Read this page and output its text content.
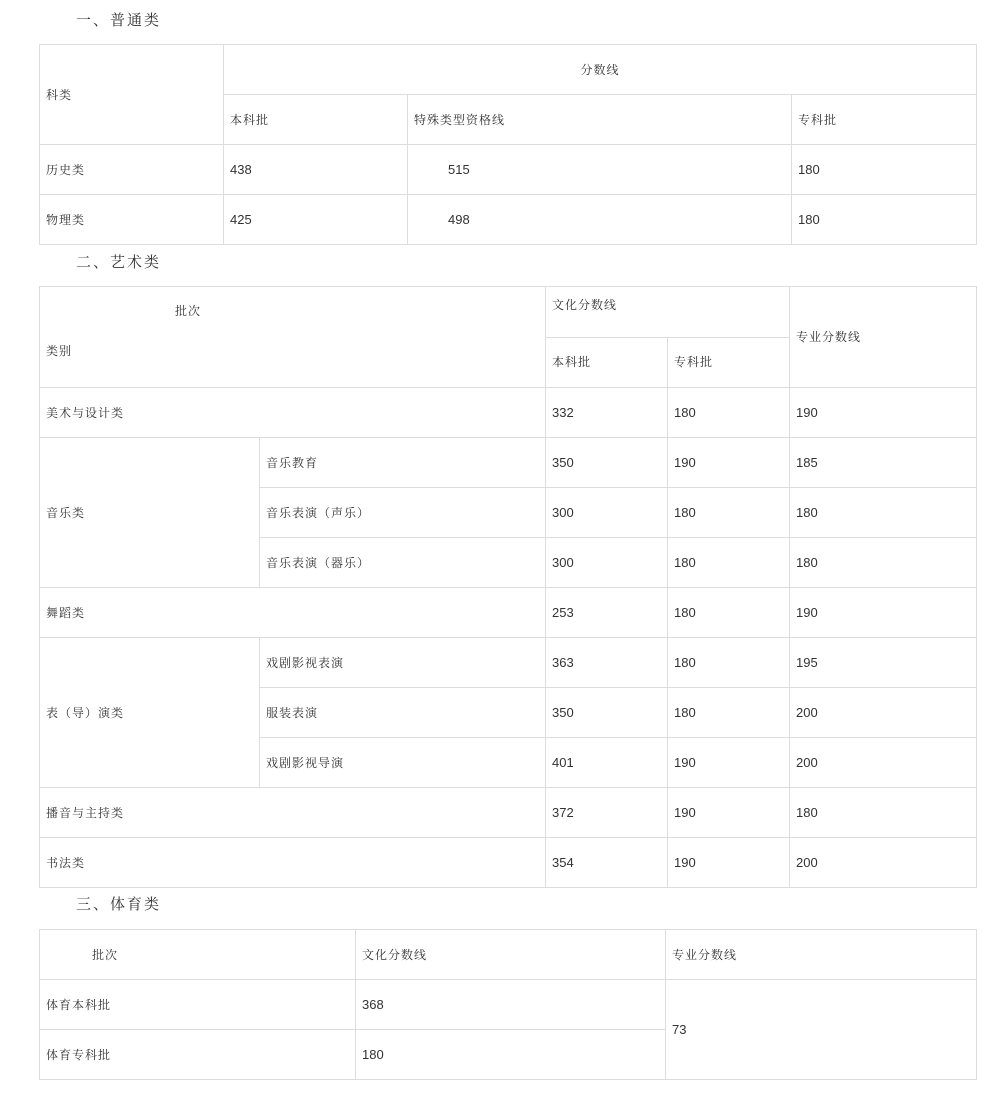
一、普通类
科类	分数线		
	本科批	特殊类型资格线	专科批
历史类	438	515	180
物理类	425	498	180
二、艺术类
批次
类别		文化分数线		专业分数线
		本科批	专科批	
美术与设计类		332	180	190
音乐类	音乐教育	350	190	185
	音乐表演（声乐）	300	180	180
	音乐表演（器乐）	300	180	180
舞蹈类		253	180	190
表（导）演类	戏剧影视表演	363	180	195
	服装表演	350	180	200
	戏剧影视导演	401	190	200
播音与主持类		372	190	180
书法类		354	190	200
三、体育类
批次	文化分数线	专业分数线
体育本科批	368	73
体育专科批	180	
